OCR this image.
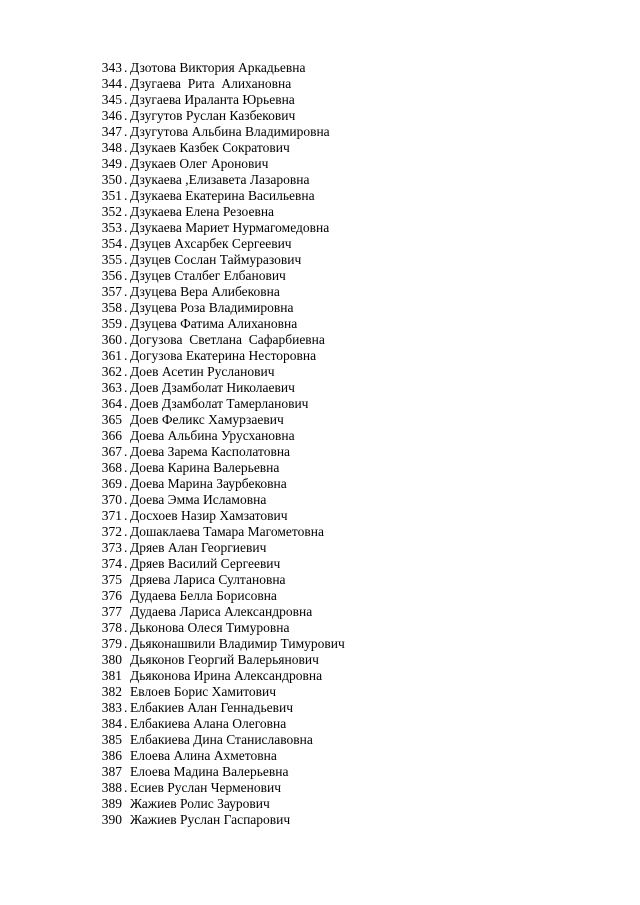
343 . Дзотова Виктория Аркадьевна
344 . Дзугаева  Рита  Алихановна
345 . Дзугаева Ираланта Юрьевна
346 . Дзугутов Руслан Казбекович
347 . Дзугутова Альбина Владимировна
348 . Дзукаев Казбек Сократович
349 . Дзукаев Олег Аронович
350 . Дзукаева ,Елизавета Лазаровна
351 . Дзукаева Екатерина Васильевна
352 . Дзукаева Елена Резоевна
353 . Дзукаева Мариет Нурмагомедовна
354 . Дзуцев Ахсарбек Сергеевич
355 . Дзуцев Сослан Таймуразович
356 . Дзуцев Сталбег Елбанович
357 . Дзуцева Вера Алибековна
358 . Дзуцева Роза Владимировна
359 . Дзуцева Фатима Алихановна
360 . Догузова  Светлана  Сафарбиевна
361 . Догузова Екатерина Несторовна
362 . Доев Асетин Русланович
363 . Доев Дзамболат Николаевич
364 . Доев Дзамболат Тамерланович
365 Доев Феликс Хамурзаевич
366 Доева Альбина Урусхановна
367 . Доева Зарема Касполатовна
368 . Доева Карина Валерьевна
369 . Доева Марина Заурбековна
370 . Доева Эмма Исламовна
371 . Досхоев Назир Хамзатович
372 . Дошаклаева Тамара Магометовна
373 . Дряев Алан Георгиевич
374 . Дряев Василий Сергеевич
375 Дряева Лариса Султановна
376 Дудаева Белла Борисовна
377 Дудаева Лариса Александровна
378 . Дьконова Олеся Тимуровна
379 . Дьяконашвили Владимир Тимурович
380 Дьяконов Георгий Валерьянович
381 Дьяконова Ирина Александровна
382 Евлоев Борис Хамитович
383 . Елбакиев Алан Геннадьевич
384 . Елбакиева Алана Олеговна
385 Елбакиева Дина Станиславовна
386 Елоева Алина Ахметовна
387 Елоева Мадина Валерьевна
388 . Есиев Руслан Черменович
389 Жажиев Ролис Заурович
390 Жажиев Руслан Гаспарович
